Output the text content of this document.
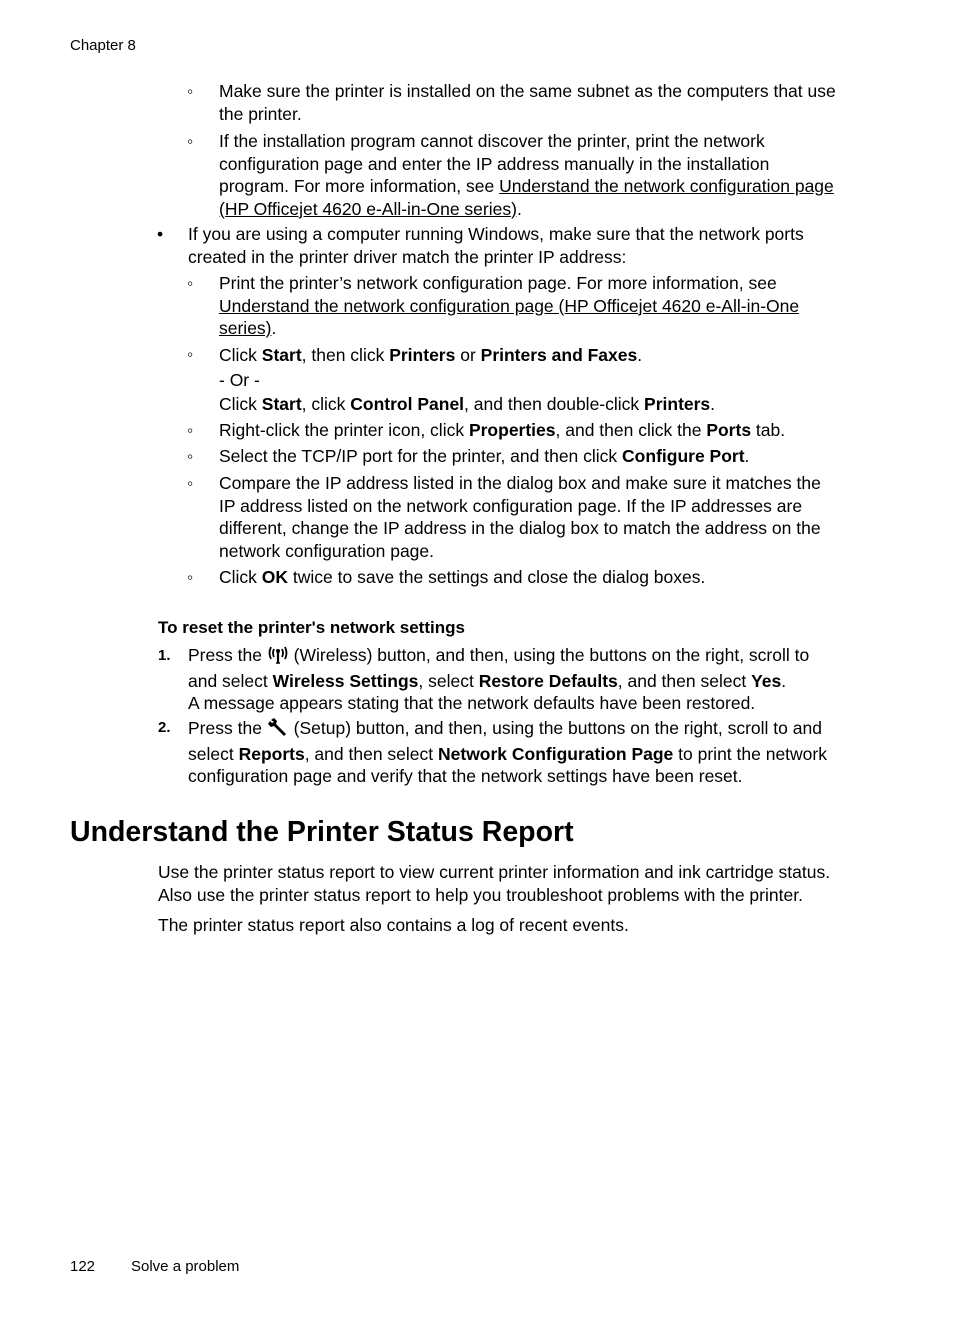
Chapter 8
◦	Make sure the printer is installed on the same subnet as the computers that use
the printer.
◦	If the installation program cannot discover the printer, print the network
configuration page and enter the IP address manually in the installation
program. For more information, see Understand the network configuration page
(HP Officejet 4620 e-All-in-One series).
•	If you are using a computer running Windows, make sure that the network ports
created in the printer driver match the printer IP address:
◦	Print the printer’s network configuration page. For more information, see
Understand the network configuration page (HP Officejet 4620 e-All-in-One
series).
◦	Click Start, then click Printers or Printers and Faxes.
- Or -
Click Start, click Control Panel, and then double-click Printers.
◦	Right-click the printer icon, click Properties, and then click the Ports tab.
◦	Select the TCP/IP port for the printer, and then click Configure Port.
◦	Compare the IP address listed in the dialog box and make sure it matches the
IP address listed on the network configuration page. If the IP addresses are
different, change the IP address in the dialog box to match the address on the
network configuration page.
◦	Click OK twice to save the settings and close the dialog boxes.
To reset the printer's network settings
1. Press the  (Wireless) button, and then, using the buttons on the right, scroll to
and select Wireless Settings, select Restore Defaults, and then select Yes.
A message appears stating that the network defaults have been restored.
2. Press the  (Setup) button, and then, using the buttons on the right, scroll to and
select Reports, and then select Network Configuration Page to print the network
configuration page and verify that the network settings have been reset.
Understand the Printer Status Report
Use the printer status report to view current printer information and ink cartridge status.
Also use the printer status report to help you troubleshoot problems with the printer.
The printer status report also contains a log of recent events.
122 Solve a problem
